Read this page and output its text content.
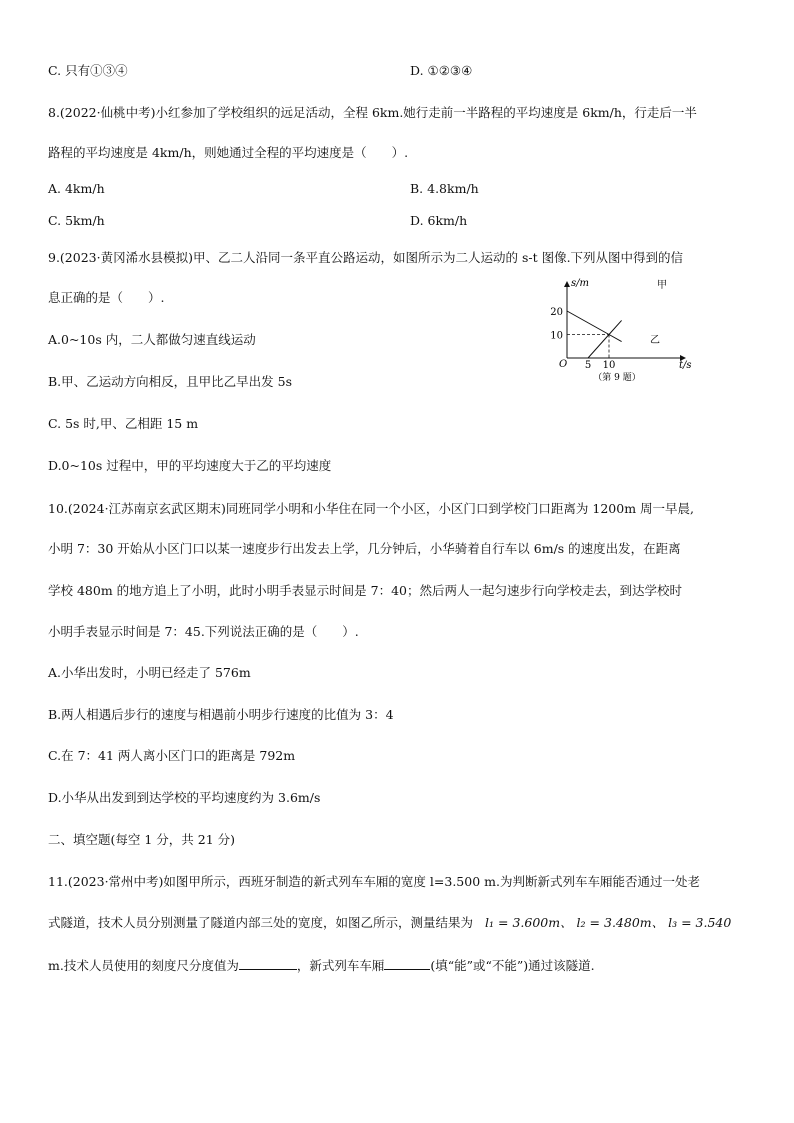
C. 只有①③④	D. ①②③④
8.(2022·仙桃中考)小红参加了学校组织的远足活动，全程 6km.她行走前一半路程的平均速度是 6km/h，行走后一半
路程的平均速度是 4km/h，则她通过全程的平均速度是（　　）.
A. 4km/h	B. 4.8km/h
C. 5km/h	D. 6km/h
9.(2023·黄冈浠水县模拟)甲、乙二人沿同一条平直公路运动，如图所示为二人运动的 s-t 图像.下列从图中得到的信
息正确的是（　　）.
A.0~10s 内，二人都做匀速直线运动
B.甲、乙运动方向相反，且甲比乙早出发 5s
C. 5s 时,甲、乙相距 15 m
D.0~10s 过程中，甲的平均速度大于乙的平均速度
s/m
t/s
O
20
10
5 10
甲
乙
（第 9 题）
10.(2024·江苏南京玄武区期末)同班同学小明和小华住在同一个小区，小区门口到学校门口距离为 1200m 周一早晨,
小明 7：30 开始从小区门口以某一速度步行出发去上学，几分钟后，小华骑着自行车以 6m/s 的速度出发，在距离
学校 480m 的地方追上了小明，此时小明手表显示时间是 7：40；然后两人一起匀速步行向学校走去，到达学校时
小明手表显示时间是 7：45.下列说法正确的是（　　）.
A.小华出发时，小明已经走了 576m
B.两人相遇后步行的速度与相遇前小明步行速度的比值为 3：4
C.在 7：41 两人离小区门口的距离是 792m
D.小华从出发到到达学校的平均速度约为 3.6m/s
二、填空题(每空 1 分，共 21 分)
11.(2023·常州中考)如图甲所示，西班牙制造的新式列车车厢的宽度 l=3.500 m.为判断新式列车车厢能否通过一处老
式隧道，技术人员分别测量了隧道内部三处的宽度，如图乙所示，测量结果为 l₁ = 3.600m、 l₂ = 3.480m、 l₃ = 3.540
m.技术人员使用的刻度尺分度值为	，新式列车车厢	(填“能”或“不能”)通过该隧道.
